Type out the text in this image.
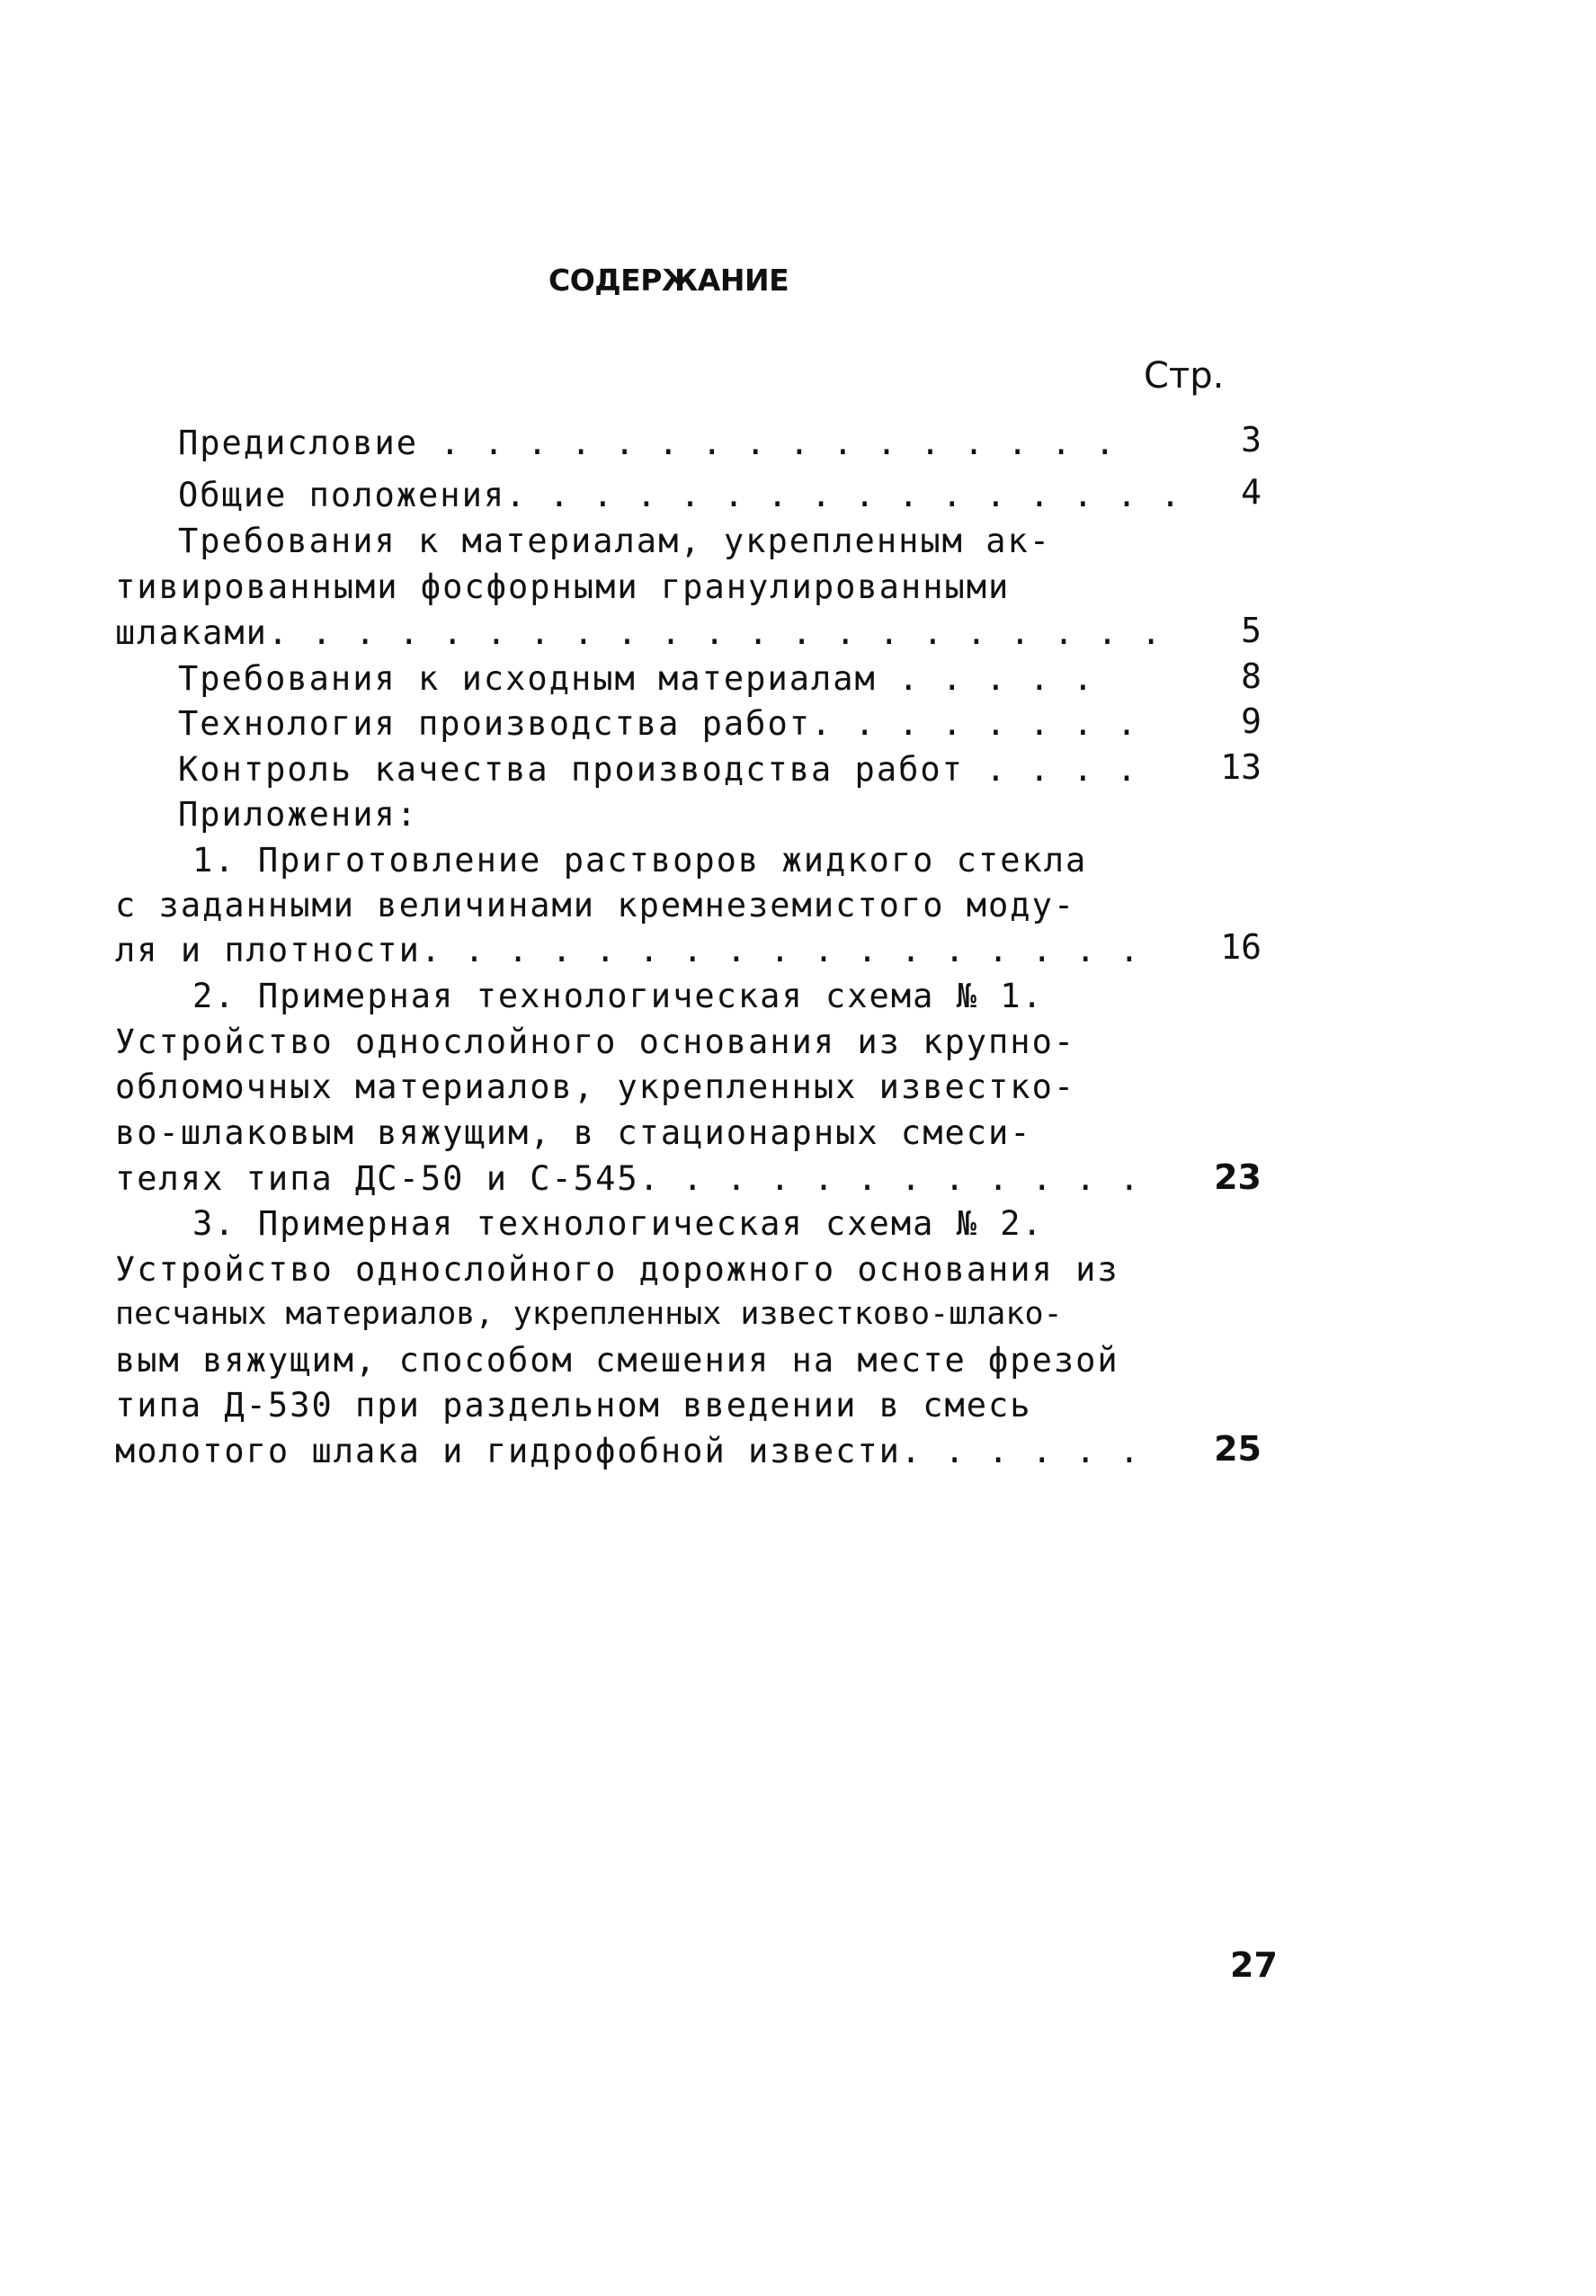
СОДЕРЖАНИЕ
Стр.
Предисловие . . . . . . . . . . . . . . . .	3
Общие положения. . . . . . . . . . . . . . . . 4
Требования к материалам, укрепленным ак-
тивированными фосфорными гранулированными
шлаками. . . . . . . . . . . . . . . . . . . . . 5
Требования к исходным материалам . . . . .	8
Технология производства работ. . . . . . . .	9
Контроль качества производства работ . . . . 13
Приложения:
1. Приготовление растворов жидкого стекла
с заданными величинами кремнеземистого моду-
ля и плотности. . . . . . . . . . . . . . . . . 16
2. Примерная технологическая схема № 1.
Устройство однослойного основания из крупно-
обломочных материалов, укрепленных известко-
во-шлаковым вяжущим, в стационарных смеси-
телях типа ДС-50 и С-545. . . . . . . . . . . . 23
3. Примерная технологическая схема № 2.
Устройство однослойного дорожного основания из
песчаных материалов, укрепленных известково-шлако-
вым вяжущим, способом смешения на месте фрезой
типа Д-530 при раздельном введении в смесь
молотого шлака и гидрофобной извести. . . . . . 25
27
